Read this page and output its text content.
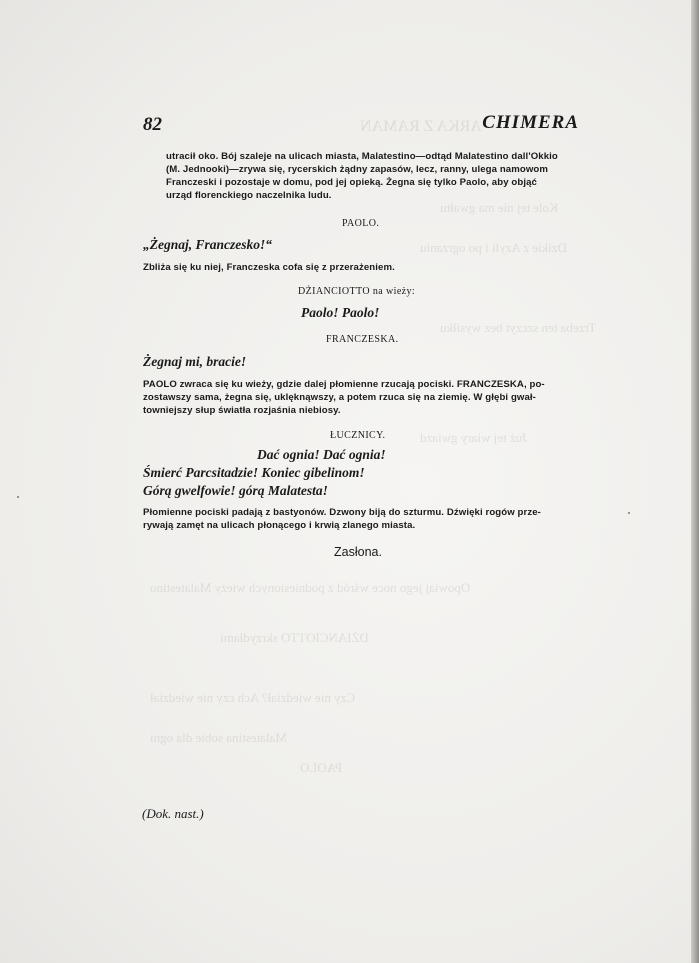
ARKA Z RAMAN
Kole tej nie ma gwałtu
Dzikie z Azyli i po ogrzaniu
Trzeba ten szczyt bez wysiłku
Już tej wiary gwiazd
Opowiaj jego noce wśród z podniesionych wieży Malatestino
DŻIANCIOTTO skrzydłami
Czy nie wiedział? Ach czy nie wiedział
Malatestina sobie dla ogni
PAOLO
82	CHIMERA
utracił oko. Bój szaleje na ulicach miasta, Malatestino—odtąd Malatestino dall'Okkio
(M. Jednooki)—zrywa się, rycerskich żądny zapasów, lecz, ranny, ulega namowom
Franczeski i pozostaje w domu, pod jej opieką. Żegna się tylko Paolo, aby objąć
urząd florenckiego naczelnika ludu.
PAOLO.
„Żegnaj, Franczesko!“
Zbliża się ku niej, Franczeska cofa się z przerażeniem.
DŻIANCIOTTO na wieży:
Paolo! Paolo!
FRANCZESKA.
Żegnaj mi, bracie!
PAOLO zwraca się ku wieży, gdzie dalej płomienne rzucają pociski. FRANCZESKA, po-
zostawszy sama, żegna się, uklęknąwszy, a potem rzuca się na ziemię. W głębi gwał-
towniejszy słup światła rozjaśnia niebiosy.
ŁUCZNICY.
Dać ognia! Dać ognia!
Śmierć Parcsitadzie! Koniec gibelinom!
Górą gwelfowie! górą Malatesta!
Płomienne pociski padają z bastyonów. Dzwony biją do szturmu. Dźwięki rogów prze-
rywają zamęt na ulicach płonącego i krwią zlanego miasta.
Zasłona.
(Dok. nast.)
